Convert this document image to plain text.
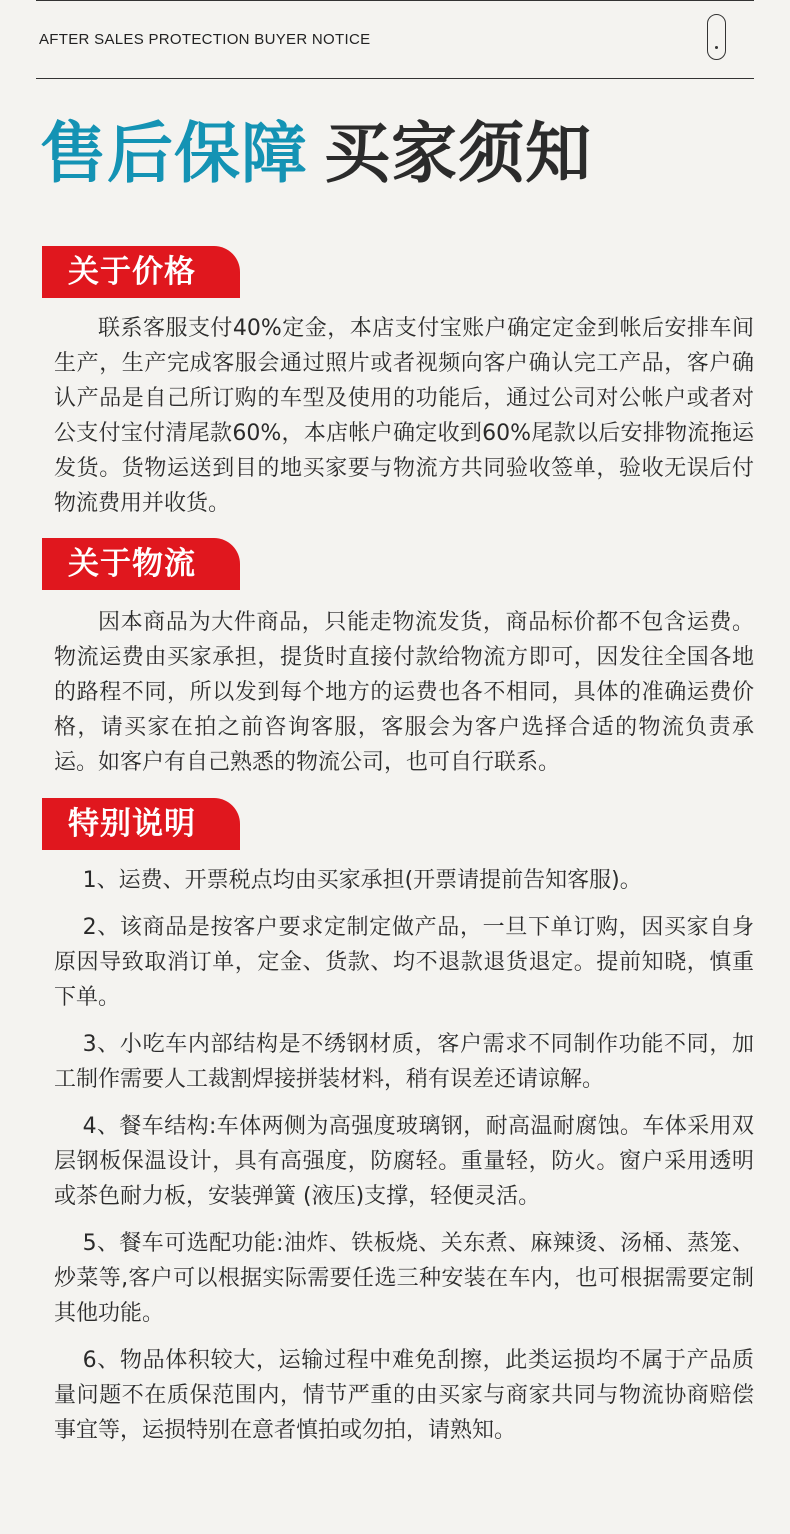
AFTER SALES PROTECTION BUYER NOTICE
售后保障 买家须知
关于价格

联系客服支付40%定金，本店支付宝账户确定定金到帐后安排车间生产，生产完成客服会通过照片或者视频向客户确认完工产品，客户确认产品是自己所订购的车型及使用的功能后，通过公司对公帐户或者对公支付宝付清尾款60%，本店帐户确定收到60%尾款以后安排物流拖运发货。货物运送到目的地买家要与物流方共同验收签单，验收无误后付物流费用并收货。

关于物流

因本商品为大件商品，只能走物流发货，商品标价都不包含运费。物流运费由买家承担，提货时直接付款给物流方即可，因发往全国各地的路程不同，所以发到每个地方的运费也各不相同，具体的准确运费价格，请买家在拍之前咨询客服，客服会为客户选择合适的物流负责承运。如客户有自己熟悉的物流公司，也可自行联系。

特别说明

1、运费、开票税点均由买家承担(开票请提前告知客服)。

2、该商品是按客户要求定制定做产品，一旦下单订购，因买家自身原因导致取消订单，定金、货款、均不退款退货退定。提前知晓，慎重下单。

3、小吃车内部结构是不绣钢材质，客户需求不同制作功能不同，加工制作需要人工裁割焊接拼装材料，稍有误差还请谅解。

4、餐车结构:车体两侧为高强度玻璃钢，耐高温耐腐蚀。车体采用双层钢板保温设计，具有高强度，防腐轻。重量轻，防火。窗户采用透明或茶色耐力板，安装弹簧 (液压)支撑，轻便灵活。

5、餐车可选配功能:油炸、铁板烧、关东煮、麻辣烫、汤桶、蒸笼、炒菜等,客户可以根据实际需要任选三种安装在车内，也可根据需要定制其他功能。

6、物品体积较大，运输过程中难免刮擦，此类运损均不属于产品质量问题不在质保范围内，情节严重的由买家与商家共同与物流协商赔偿事宜等，运损特别在意者慎拍或勿拍，请熟知。
